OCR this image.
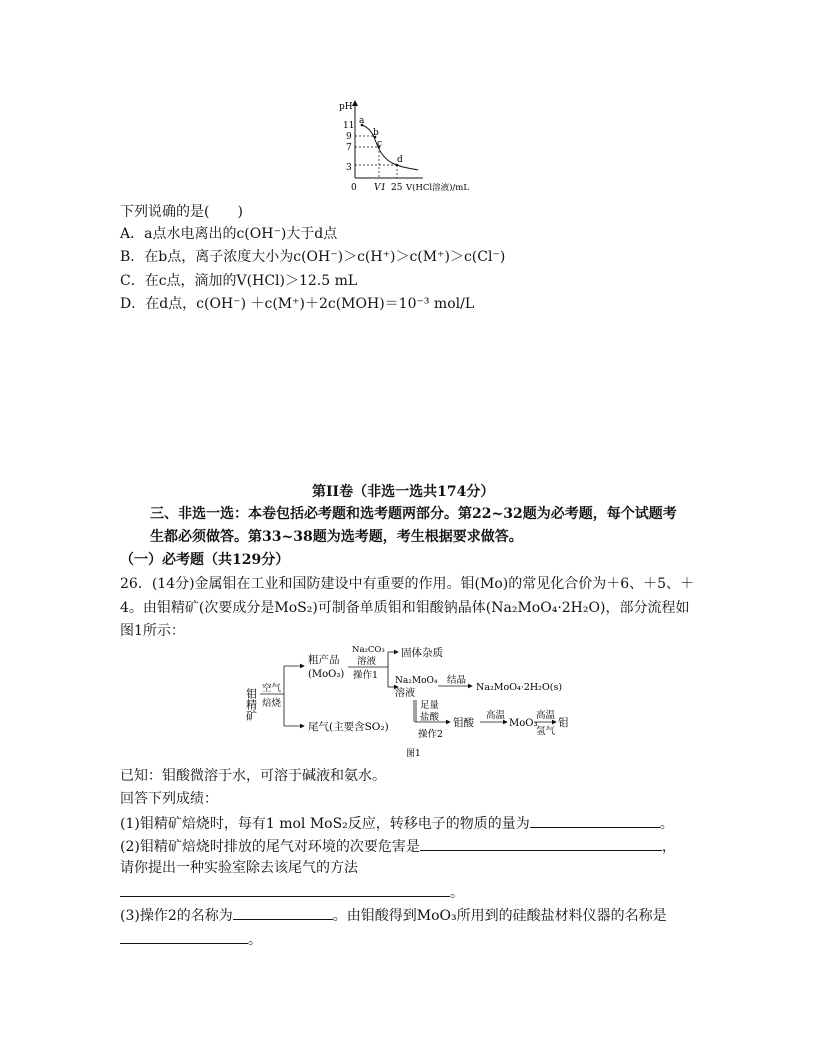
pH
11
9
7
3
a
b
c
d
0 V1 25 V(HCl溶液)/mL
下列说确的是(　　)
A．a点水电离出的c(OH⁻)大于d点
B．在b点，离子浓度大小为c(OH⁻)＞c(H⁺)＞c(M⁺)＞c(Cl⁻)
C．在c点，滴加的V(HCl)＞12.5 mL
D．在d点，c(OH⁻) ＋c(M⁺)＋2c(MOH)＝10⁻³ mol/L
第II卷（非选一选共174分）
三、非选一选：本卷包括必考题和选考题两部分。第22~32题为必考题，每个试题考
生都必须做答。第33~38题为选考题，考生根据要求做答。
（一）必考题（共129分）
26．(14分)金属钼在工业和国防建设中有重要的作用。钼(Mo)的常见化合价为＋6、＋5、＋
4。由钼精矿(次要成分是MoS₂)可制备单质钼和钼酸钠晶体(Na₂MoO₄·2H₂O)，部分流程如
图1所示：
钼精矿 空气
焙烧
粗产品
(MoO₃)
Na₂CO₃
溶液
操作1
固体杂质
Na₂MoO₄
溶液
结晶
Na₂MoO₄·2H₂O(s)
足量
盐酸
操作2
钼酸
高温
MoO₃
高温
氢气
钼
尾气(主要含SO₂)
图1
已知：钼酸微溶于水，可溶于碱液和氨水。
回答下列成绩：
(1)钼精矿焙烧时，每有1 mol MoS₂反应，转移电子的物质的量为	。
(2)钼精矿焙烧时排放的尾气对环境的次要危害是	，
请你提出一种实验室除去该尾气的方法
。
(3)操作2的名称为	。由钼酸得到MoO₃所用到的硅酸盐材料仪器的名称是
。
